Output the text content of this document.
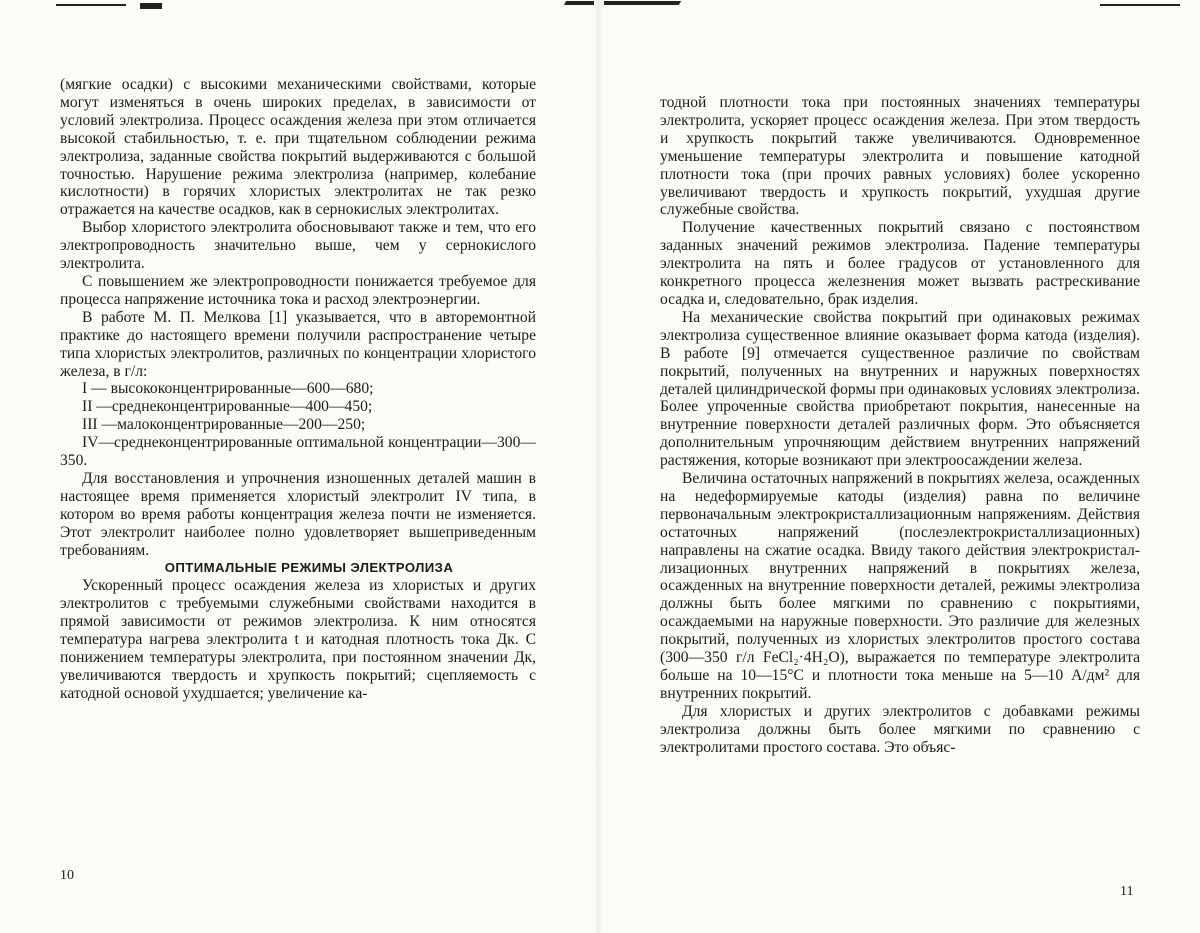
(мягкие осадки) с высокими механическими свойствами, которые могут изменяться в очень широких пределах, в зависимости от условий электролиза. Процесс осаждения железа при этом отличается высокой стабильностью, т. е. при тщательном соблюдении режима электролиза, заданные свойства покрытий выдерживаются с большой точностью. Нарушение режима электролиза (например, колебание кислотности) в горячих хлористых электролитах не так резко отражается на качестве осадков, как в сернокислых электролитах.

Выбор хлористого электролита обосновывают также и тем, что его электропроводность значительно выше, чем у сернокислого электролита.

С повышением же электропроводности понижается требуемое для процесса напряжение источника тока и расход электроэнергии.

В работе М. П. Мелкова [1] указывается, что в авторемонтной практике до настоящего времени получили распространение четыре типа хлористых электролитов, различных по концентрации хлористого железа, в г/л:

I — высококонцентрированные—600—680;

II —среднеконцентрированные—400—450;

III —малоконцентрированные—200—250;

IV—среднеконцентрированные оптимальной концентрации—300—350.

Для восстановления и упрочнения изношенных деталей машин в настоящее время применяется хлористый электролит IV типа, в котором во время работы концентрация железа почти не изменяется. Этот электролит наиболее полно удовлетворяет вышеприведенным требованиям.

ОПТИМАЛЬНЫЕ РЕЖИМЫ ЭЛЕКТРОЛИЗА

Ускоренный процесс осаждения железа из хлористых и других электролитов с требуемыми служебными свойствами находится в прямой зависимости от режимов электролиза. К ним относятся температура нагрева электролита t и катодная плотность тока Дк. С понижением температуры электролита, при постоянном значении Дк, увеличиваются твердость и хрупкость покрытий; сцепляемость с катодной основой ухудшается; увеличение ка-

10

тодной плотности тока при постоянных значениях температуры электролита, ускоряет процесс осаждения железа. При этом твердость и хрупкость покрытий также увеличиваются. Одновременное уменьшение температуры электролита и повышение катодной плотности тока (при прочих равных условиях) более ускоренно увеличивают твердость и хрупкость покрытий, ухудшая другие служебные свойства.

Получение качественных покрытий связано с постоянством заданных значений режимов электролиза. Падение температуры электролита на пять и более градусов от установленного для конкретного процесса железнения может вызвать растрескивание осадка и, следовательно, брак изделия.

На механические свойства покрытий при одинаковых режимах электролиза существенное влияние оказывает форма катода (изделия). В работе [9] отмечается существенное различие по свойствам покрытий, полученных на внутренних и наружных поверхностях деталей цилиндрической формы при одинаковых условиях электролиза. Более упроченные свойства приобретают покрытия, нанесенные на внутренние поверхности деталей различных форм. Это объясняется дополнительным упрочняющим действием внутренних напряжений растяжения, которые возникают при электроосаждении железа.

Величина остаточных напряжений в покрытиях железа, осажденных на недеформируемые катоды (изделия) равна по величине первоначальным электрокристаллизационным напряжениям. Действия остаточных напряжений (послеэлектрокристаллизационных) направлены на сжатие осадка. Ввиду такого действия электрокристаллизационных внутренних напряжений в покрытиях железа, осажденных на внутренние поверхности деталей, режимы электролиза должны быть более мягкими по сравнению с покрытиями, осаждаемыми на наружные поверхности. Это различие для железных покрытий, полученных из хлористых электролитов простого состава (300—350 г/л FeCl₂·4H₂O), выражается по температуре электролита больше на 10—15°С и плотности тока меньше на 5—10 А/дм² для внутренних покрытий.

Для хлористых и других электролитов с добавками режимы электролиза должны быть более мягкими по сравнению с электролитами простого состава. Это объяс-

11
